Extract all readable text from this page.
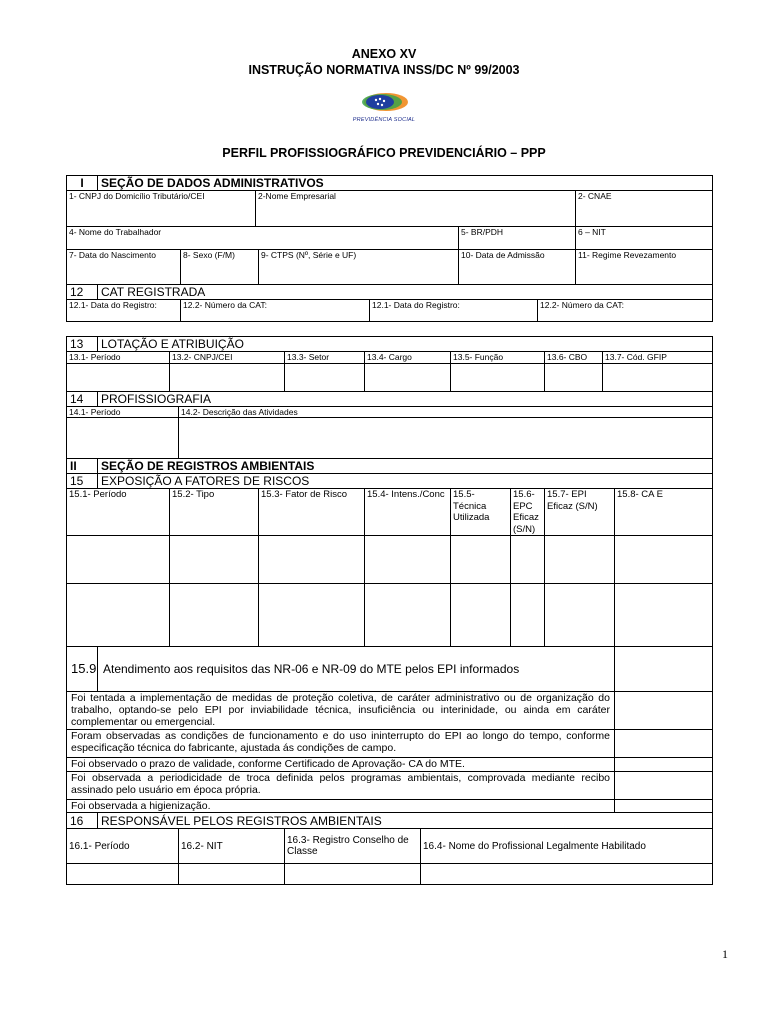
ANEXO XV
INSTRUÇÃO NORMATIVA INSS/DC Nº 99/2003
PREVIDÊNCIA SOCIAL
PERFIL PROFISSIOGRÁFICO PREVIDENCIÁRIO – PPP
I	SEÇÃO DE DADOS ADMINISTRATIVOS							
1- CNPJ do Domicílio Tributário/CEI			2-Nome Empresarial					2- CNAE
4- Nome do Trabalhador						5- BR/PDH		6 – NIT
7- Data do Nascimento		8- Sexo (F/M)		9- CTPS (Nº, Série e UF)		10- Data de Admissão		11- Regime Revezamento
12	CAT REGISTRADA							
12.1- Data do Registro:		12.2- Número da CAT:			12.1- Data do Registro:		12.2- Número da CAT:	
13	LOTAÇÃO E ATRIBUIÇÃO											
13.1- Período		13.2- CNPJ/CEI			13.3- Setor	13.4- Cargo		13.5- Função		13.6- CBO	13.7- Cód. GFIP	

14	PROFISSIOGRAFIA											
14.1- Período			14.2- Descrição das Atividades									

II	SEÇÃO DE REGISTROS AMBIENTAIS											
15	EXPOSIÇÃO A FATORES DE RISCOS											
15.1- Período		15.2- Tipo		15.3- Fator de Risco		15.4- Intens./Conc		15.5- Técnica Utilizada	15.6- EPC Eficaz (S/N)	15.7- EPI Eficaz (S/N)		15.8- CA E

15.9	Atendimento aos requisitos das NR-06 e NR-09 do MTE pelos EPI informados											
Foi tentada a implementação de medidas de proteção coletiva, de caráter administrativo ou de organização do trabalho, optando-se pelo EPI por inviabilidade técnica, insuficiência ou interinidade, ou ainda em caráter complementar ou emergencial.												
Foram observadas as condições de funcionamento e do uso ininterrupto do EPI ao longo do tempo, conforme especificação técnica do fabricante, ajustada ás condições de campo.												
Foi observado o prazo de validade, conforme Certificado de Aprovação- CA do MTE.												
Foi observada a periodicidade de troca definida pelos programas ambientais, comprovada mediante recibo assinado pelo usuário em época própria.												
Foi observada a higienização.												
16	RESPONSÁVEL PELOS REGISTROS AMBIENTAIS											
16.1- Período			16.2- NIT		16.3- Registro Conselho de Classe		16.4- Nome do Profissional Legalmente Habilitado					

1
